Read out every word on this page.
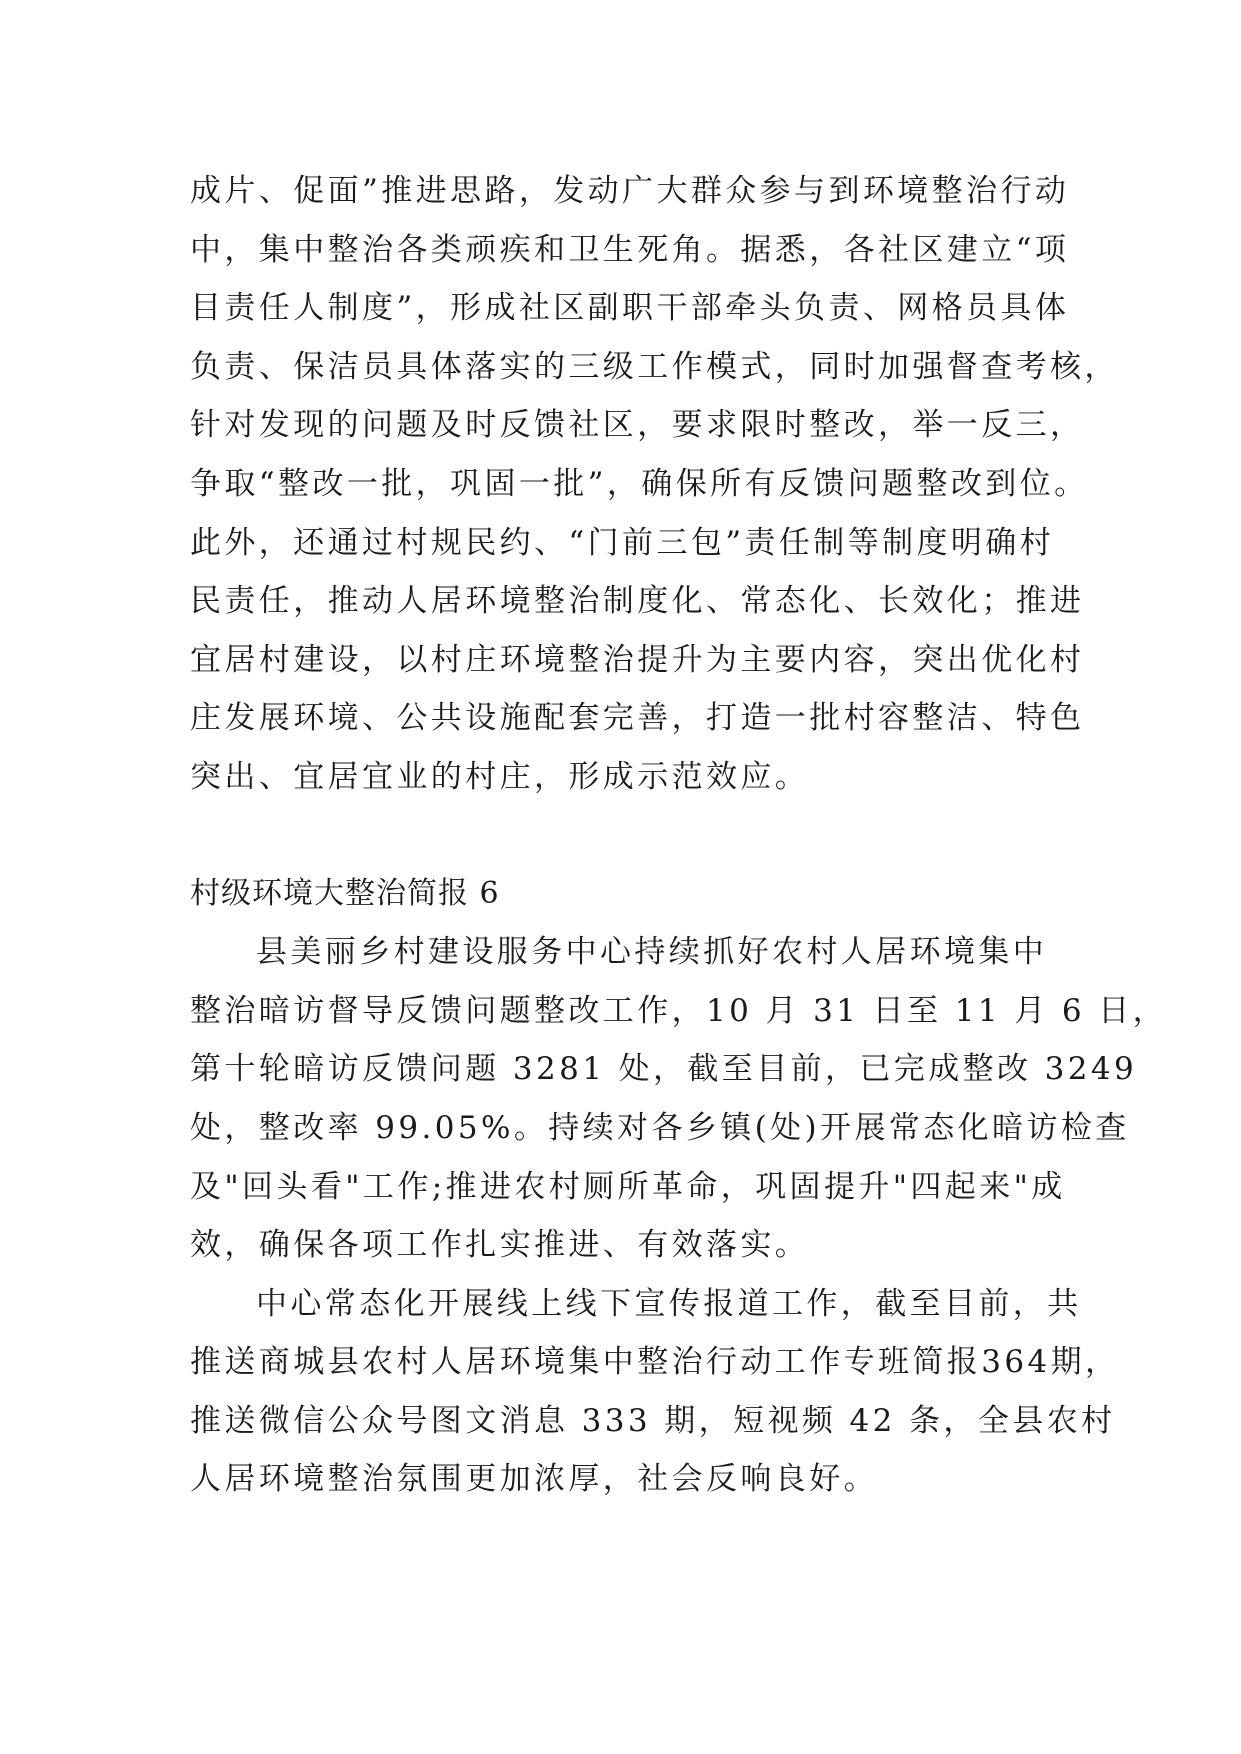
成片、促面”推进思路，发动广大群众参与到环境整治行动
中，集中整治各类顽疾和卫生死角。据悉，各社区建立“项
目责任人制度”，形成社区副职干部牵头负责、网格员具体
负责、保洁员具体落实的三级工作模式，同时加强督查考核，
针对发现的问题及时反馈社区，要求限时整改，举一反三，
争取“整改一批，巩固一批”，确保所有反馈问题整改到位。
此外，还通过村规民约、“门前三包”责任制等制度明确村
民责任，推动人居环境整治制度化、常态化、长效化；推进
宜居村建设，以村庄环境整治提升为主要内容，突出优化村
庄发展环境、公共设施配套完善，打造一批村容整洁、特色
突出、宜居宜业的村庄，形成示范效应。
村级环境大整治简报 6
县美丽乡村建设服务中心持续抓好农村人居环境集中
整治暗访督导反馈问题整改工作，10 月 31 日至 11 月 6 日，
第十轮暗访反馈问题 3281 处，截至目前，已完成整改 3249
处，整改率 99.05%。持续对各乡镇(处)开展常态化暗访检查
及"回头看"工作;推进农村厕所革命，巩固提升"四起来"成
效，确保各项工作扎实推进、有效落实。
中心常态化开展线上线下宣传报道工作，截至目前，共
推送商城县农村人居环境集中整治行动工作专班简报364期，
推送微信公众号图文消息 333 期，短视频 42 条，全县农村
人居环境整治氛围更加浓厚，社会反响良好。
